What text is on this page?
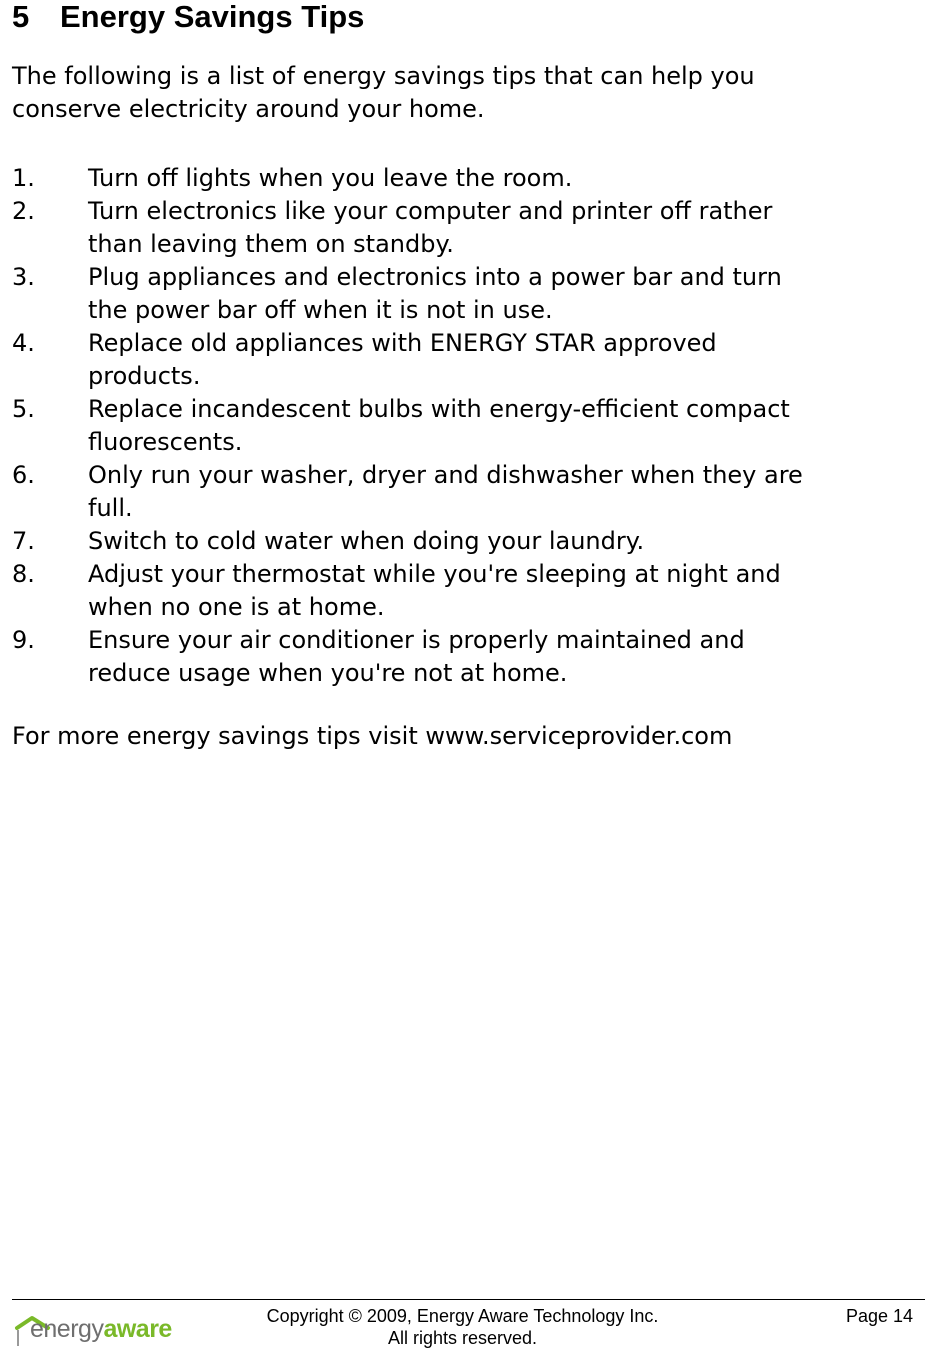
5 Energy Savings Tips
The following is a list of energy savings tips that can help you
conserve electricity around your home.
1.	Turn off lights when you leave the room.
2.	Turn electronics like your computer and printer off rather
than leaving them on standby.
3.	Plug appliances and electronics into a power bar and turn
the power bar off when it is not in use.
4.	Replace old appliances with ENERGY STAR approved
products.
5.	Replace incandescent bulbs with energy-efficient compact
fluorescents.
6.	Only run your washer, dryer and dishwasher when they are
full.
7.	Switch to cold water when doing your laundry.
8.	Adjust your thermostat while you're sleeping at night and
when no one is at home.
9.	Ensure your air conditioner is properly maintained and
reduce usage when you're not at home.

For more energy savings tips visit www.serviceprovider.com

energyaware	Copyright © 2009, Energy Aware Technology Inc.
All rights reserved.
Page 14
